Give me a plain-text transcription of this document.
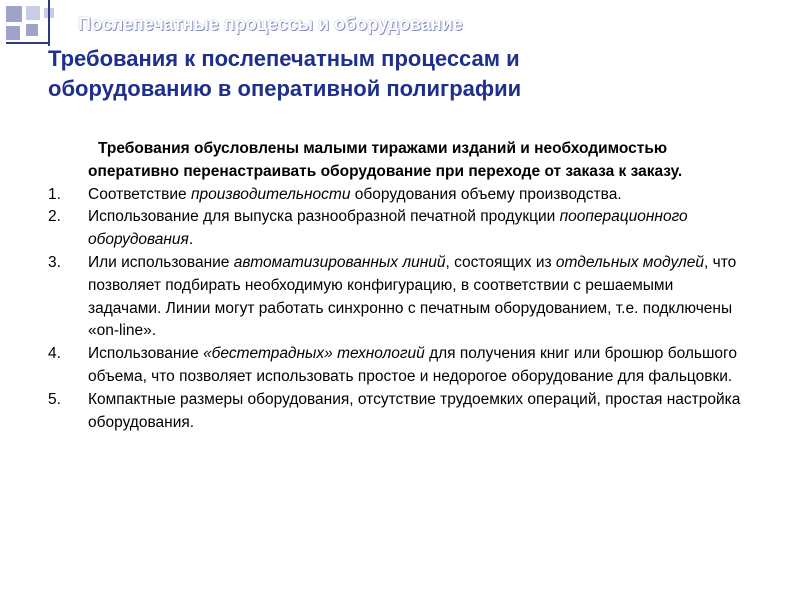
Послепечатные процессы и оборудование
Требования к послепечатным процессам и
оборудованию в оперативной полиграфии
Требования обусловлены малыми тиражами изданий и необходимостью оперативно перенастраивать оборудование при переходе от заказа к заказу.
1. Соответствие производительности оборудования объему производства.
2. Использование для выпуска разнообразной печатной продукции пооперационного оборудования.
3. Или использование автоматизированных линий, состоящих из отдельных модулей, что позволяет подбирать необходимую конфигурацию, в соответствии с решаемыми задачами. Линии могут работать синхронно с печатным оборудованием, т.е. подключены «on-line».
4. Использование «бестетрадных» технологий для получения книг или брошюр большого объема, что позволяет использовать простое и недорогое оборудование для фальцовки.
5. Компактные размеры оборудования, отсутствие трудоемких операций, простая настройка оборудования.
